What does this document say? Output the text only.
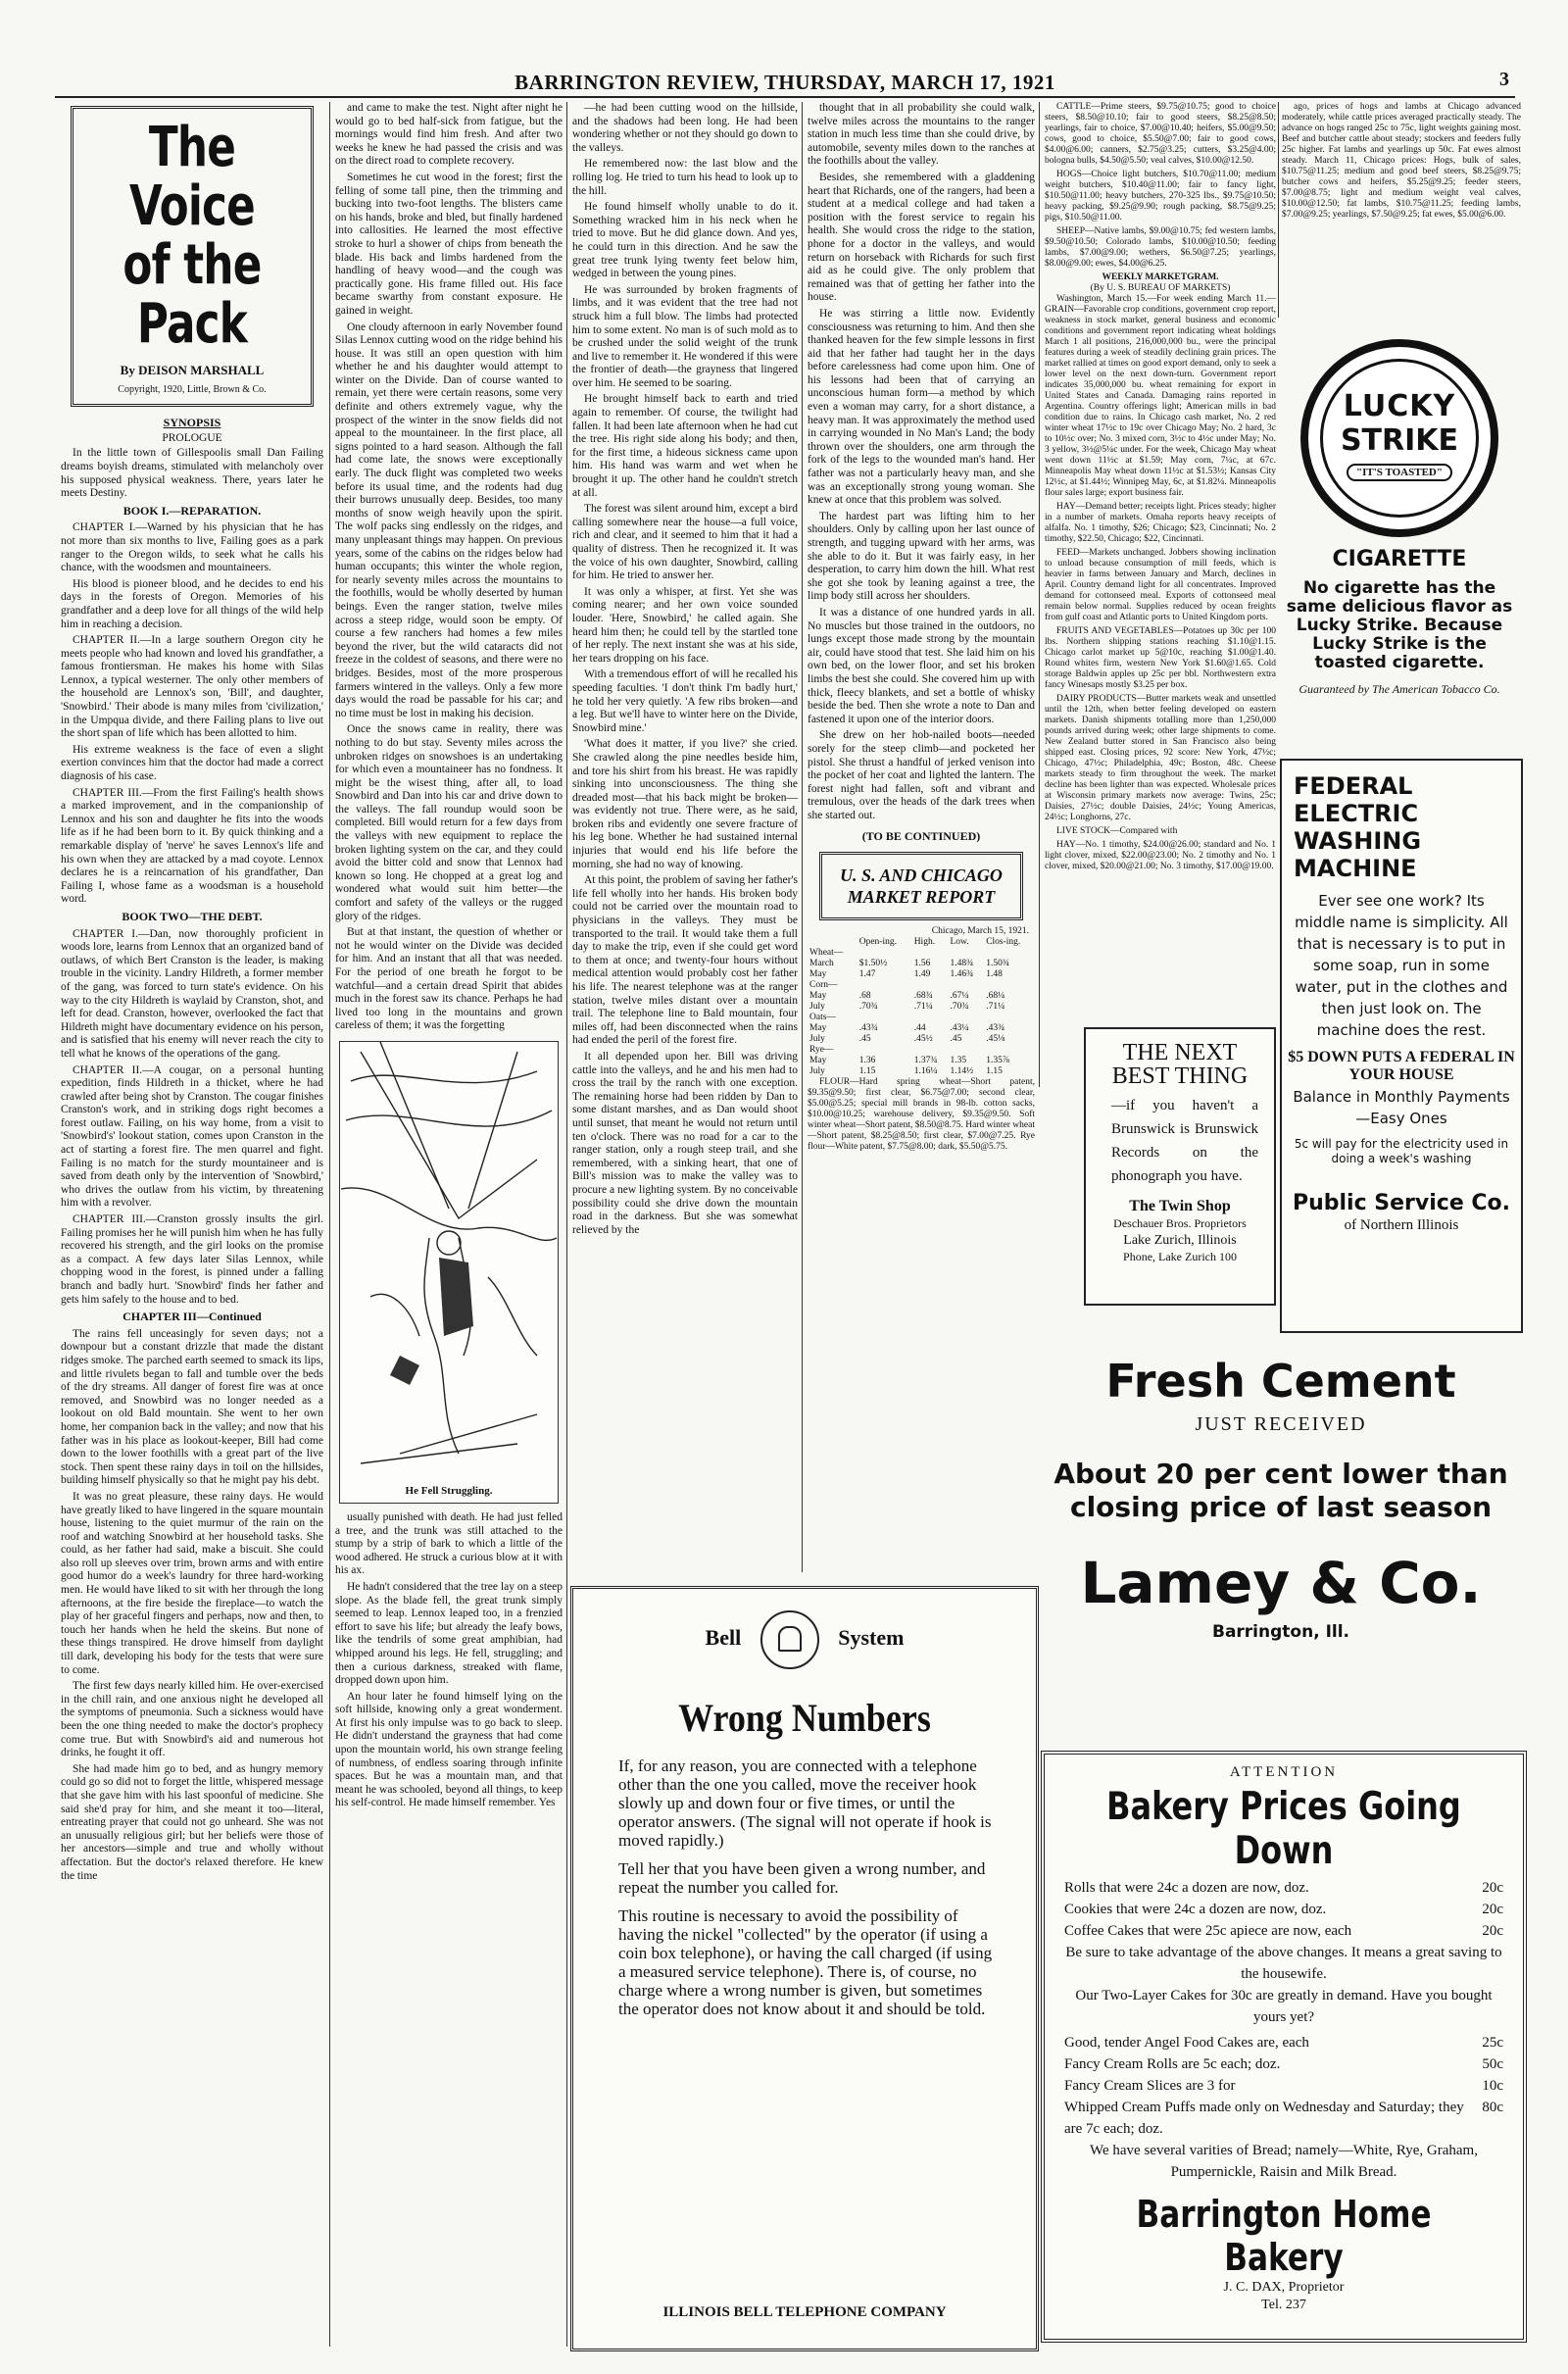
BARRINGTON REVIEW, THURSDAY, MARCH 17, 1921	3
The Voice
of the Pack
By DEISON MARSHALL
Copyright, 1920, Little, Brown & Co.
SYNOPSIS
PROLOGUE

In the little town of Gillespoolis small Dan Failing dreams boyish dreams, stimulated with melancholy over his supposed physical weakness. There, years later he meets Destiny.

BOOK I.—REPARATION.

CHAPTER I.—Warned by his physician that he has not more than six months to live, Failing goes as a park ranger to the Oregon wilds, to seek what he calls his chance, with the woodsmen and mountaineers.

His blood is pioneer blood, and he decides to end his days in the forests of Oregon. Memories of his grandfather and a deep love for all things of the wild help him in reaching a decision.

CHAPTER II.—In a large southern Oregon city he meets people who had known and loved his grandfather, a famous frontiersman. He makes his home with Silas Lennox, a typical westerner. The only other members of the household are Lennox's son, 'Bill', and daughter, 'Snowbird.' Their abode is many miles from 'civilization,' in the Umpqua divide, and there Failing plans to live out the short span of life which has been allotted to him.

His extreme weakness is the face of even a slight exertion convinces him that the doctor had made a correct diagnosis of his case.

CHAPTER III.—From the first Failing's health shows a marked improvement, and in the companionship of Lennox and his son and daughter he fits into the woods life as if he had been born to it. By quick thinking and a remarkable display of 'nerve' he saves Lennox's life and his own when they are attacked by a mad coyote. Lennox declares he is a reincarnation of his grandfather, Dan Failing I, whose fame as a woodsman is a household word.

BOOK TWO—THE DEBT.

CHAPTER I.—Dan, now thoroughly proficient in woods lore, learns from Lennox that an organized band of outlaws, of which Bert Cranston is the leader, is making trouble in the vicinity. Landry Hildreth, a former member of the gang, was forced to turn state's evidence. On his way to the city Hildreth is waylaid by Cranston, shot, and left for dead. Cranston, however, overlooked the fact that Hildreth might have documentary evidence on his person, and is satisfied that his enemy will never reach the city to tell what he knows of the operations of the gang.

CHAPTER II.—A cougar, on a personal hunting expedition, finds Hildreth in a thicket, where he had crawled after being shot by Cranston. The cougar finishes Cranston's work, and in striking dogs right becomes a forest outlaw. Failing, on his way home, from a visit to 'Snowbird's' lookout station, comes upon Cranston in the act of starting a forest fire. The men quarrel and fight. Failing is no match for the sturdy mountaineer and is saved from death only by the intervention of 'Snowbird,' who drives the outlaw from his victim, by threatening him with a revolver.

CHAPTER III.—Cranston grossly insults the girl. Failing promises her he will punish him when he has fully recovered his strength, and the girl looks on the promise as a compact. A few days later Silas Lennox, while chopping wood in the forest, is pinned under a falling branch and badly hurt. 'Snowbird' finds her father and gets him safely to the house and to bed.

CHAPTER III—Continued

The rains fell unceasingly for seven days; not a downpour but a constant drizzle that made the distant ridges smoke. The parched earth seemed to smack its lips, and little rivulets began to fall and tumble over the beds of the dry streams. All danger of forest fire was at once removed, and Snowbird was no longer needed as a lookout on old Bald mountain. She went to her own home, her companion back in the valley; and now that his father was in his place as lookout-keeper, Bill had come down to the lower foothills with a great part of the live stock. Then spent these rainy days in toil on the hillsides, building himself physically so that he might pay his debt.

It was no great pleasure, these rainy days. He would have greatly liked to have lingered in the square mountain house, listening to the quiet murmur of the rain on the roof and watching Snowbird at her household tasks. She could, as her father had said, make a biscuit. She could also roll up sleeves over trim, brown arms and with entire good humor do a week's laundry for three hard-working men. He would have liked to sit with her through the long afternoons, at the fire beside the fireplace—to watch the play of her graceful fingers and perhaps, now and then, to touch her hands when he held the skeins. But none of these things transpired. He drove himself from daylight till dark, developing his body for the tests that were sure to come.

The first few days nearly killed him. He over-exercised in the chill rain, and one anxious night he developed all the symptoms of pneumonia. Such a sickness would have been the one thing needed to make the doctor's prophecy come true. But with Snowbird's aid and numerous hot drinks, he fought it off.

She had made him go to bed, and as hungry memory could go so did not to forget the little, whispered message that she gave him with his last spoonful of medicine. She said she'd pray for him, and she meant it too—literal, entreating prayer that could not go unheard. She was not an unusually religious girl; but her beliefs were those of her ancestors—simple and true and wholly without affectation. But the doctor's relaxed therefore. He knew the time

and came to make the test. Night after night he would go to bed half-sick from fatigue, but the mornings would find him fresh. And after two weeks he knew he had passed the crisis and was on the direct road to complete recovery.

Sometimes he cut wood in the forest; first the felling of some tall pine, then the trimming and bucking into two-foot lengths. The blisters came on his hands, broke and bled, but finally hardened into callosities. He learned the most effective stroke to hurl a shower of chips from beneath the blade. His back and limbs hardened from the handling of heavy wood—and the cough was practically gone. His frame filled out. His face became swarthy from constant exposure. He gained in weight.

One cloudy afternoon in early November found Silas Lennox cutting wood on the ridge behind his house. It was still an open question with him whether he and his daughter would attempt to winter on the Divide. Dan of course wanted to remain, yet there were certain reasons, some very definite and others extremely vague, why the prospect of the winter in the snow fields did not appeal to the mountaineer. In the first place, all signs pointed to a hard season. Although the fall had come late, the snows were exceptionally early. The duck flight was completed two weeks before its usual time, and the rodents had dug their burrows unusually deep. Besides, too many months of snow weigh heavily upon the spirit. The wolf packs sing endlessly on the ridges, and many unpleasant things may happen. On previous years, some of the cabins on the ridges below had human occupants; this winter the whole region, for nearly seventy miles across the mountains to the foothills, would be wholly deserted by human beings. Even the ranger station, twelve miles across a steep ridge, would soon be empty. Of course a few ranchers had homes a few miles beyond the river, but the wild cataracts did not freeze in the coldest of seasons, and there were no bridges. Besides, most of the more prosperous farmers wintered in the valleys. Only a few more days would the road be passable for his car; and no time must be lost in making his decision.

Once the snows came in reality, there was nothing to do but stay. Seventy miles across the unbroken ridges on snowshoes is an undertaking for which even a mountaineer has no fondness. It might be the wisest thing, after all, to load Snowbird and Dan into his car and drive down to the valleys. The fall roundup would soon be completed. Bill would return for a few days from the valleys with new equipment to replace the broken lighting system on the car, and they could avoid the bitter cold and snow that Lennox had known so long. He chopped at a great log and wondered what would suit him better—the comfort and safety of the valleys or the rugged glory of the ridges.

But at that instant, the question of whether or not he would winter on the Divide was decided for him. And an instant that all that was needed. For the period of one breath he forgot to be watchful—and a certain dread Spirit that abides much in the forest saw its chance. Perhaps he had lived too long in the mountains and grown careless of them; it was the forgetting

He Fell Struggling.

usually punished with death. He had just felled a tree, and the trunk was still attached to the stump by a strip of bark to which a little of the wood adhered. He struck a curious blow at it with his ax.

He hadn't considered that the tree lay on a steep slope. As the blade fell, the great trunk simply seemed to leap. Lennox leaped too, in a frenzied effort to save his life; but already the leafy bows, like the tendrils of some great amphibian, had whipped around his legs. He fell, struggling; and then a curious darkness, streaked with flame, dropped down upon him.

An hour later he found himself lying on the soft hillside, knowing only a great wonderment. At first his only impulse was to go back to sleep. He didn't understand the grayness that had come upon the mountain world, his own strange feeling of numbness, of endless soaring through infinite spaces. But he was a mountain man, and that meant he was schooled, beyond all things, to keep his self-control. He made himself remember. Yes

—he had been cutting wood on the hillside, and the shadows had been long. He had been wondering whether or not they should go down to the valleys.

He remembered now: the last blow and the rolling log. He tried to turn his head to look up to the hill.

He found himself wholly unable to do it. Something wracked him in his neck when he tried to move. But he did glance down. And yes, he could turn in this direction. And he saw the great tree trunk lying twenty feet below him, wedged in between the young pines.

He was surrounded by broken fragments of limbs, and it was evident that the tree had not struck him a full blow. The limbs had protected him to some extent. No man is of such mold as to be crushed under the solid weight of the trunk and live to remember it. He wondered if this were the frontier of death—the grayness that lingered over him. He seemed to be soaring.

He brought himself back to earth and tried again to remember. Of course, the twilight had fallen. It had been late afternoon when he had cut the tree. His right side along his body; and then, for the first time, a hideous sickness came upon him. His hand was warm and wet when he brought it up. The other hand he couldn't stretch at all.

The forest was silent around him, except a bird calling somewhere near the house—a full voice, rich and clear, and it seemed to him that it had a quality of distress. Then he recognized it. It was the voice of his own daughter, Snowbird, calling for him. He tried to answer her.

It was only a whisper, at first. Yet she was coming nearer; and her own voice sounded louder. 'Here, Snowbird,' he called again. She heard him then; he could tell by the startled tone of her reply. The next instant she was at his side, her tears dropping on his face.

With a tremendous effort of will he recalled his speeding faculties. 'I don't think I'm badly hurt,' he told her very quietly. 'A few ribs broken—and a leg. But we'll have to winter here on the Divide, Snowbird mine.'

'What does it matter, if you live?' she cried. She crawled along the pine needles beside him, and tore his shirt from his breast. He was rapidly sinking into unconsciousness. The thing she dreaded most—that his back might be broken—was evidently not true. There were, as he said, broken ribs and evidently one severe fracture of his leg bone. Whether he had sustained internal injuries that would end his life before the morning, she had no way of knowing.

At this point, the problem of saving her father's life fell wholly into her hands. His broken body could not be carried over the mountain road to physicians in the valleys. They must be transported to the trail. It would take them a full day to make the trip, even if she could get word to them at once; and twenty-four hours without medical attention would probably cost her father his life. The nearest telephone was at the ranger station, twelve miles distant over a mountain trail. The telephone line to Bald mountain, four miles off, had been disconnected when the rains had ended the peril of the forest fire.

It all depended upon her. Bill was driving cattle into the valleys, and he and his men had to cross the trail by the ranch with one exception. The remaining horse had been ridden by Dan to some distant marshes, and as Dan would shoot until sunset, that meant he would not return until ten o'clock. There was no road for a car to the ranger station, only a rough steep trail, and she remembered, with a sinking heart, that one of Bill's mission was to make the valley was to procure a new lighting system. By no conceivable possibility could she drive down the mountain road in the darkness. But she was somewhat relieved by the

thought that in all probability she could walk, twelve miles across the mountains to the ranger station in much less time than she could drive, by automobile, seventy miles down to the ranches at the foothills about the valley.

Besides, she remembered with a gladdening heart that Richards, one of the rangers, had been a student at a medical college and had taken a position with the forest service to regain his health. She would cross the ridge to the station, phone for a doctor in the valleys, and would return on horseback with Richards for such first aid as he could give. The only problem that remained was that of getting her father into the house.

He was stirring a little now. Evidently consciousness was returning to him. And then she thanked heaven for the few simple lessons in first aid that her father had taught her in the days before carelessness had come upon him. One of his lessons had been that of carrying an unconscious human form—a method by which even a woman may carry, for a short distance, a heavy man. It was approximately the method used in carrying wounded in No Man's Land; the body thrown over the shoulders, one arm through the fork of the legs to the wounded man's hand. Her father was not a particularly heavy man, and she was an exceptionally strong young woman. She knew at once that this problem was solved.

The hardest part was lifting him to her shoulders. Only by calling upon her last ounce of strength, and tugging upward with her arms, was she able to do it. But it was fairly easy, in her desperation, to carry him down the hill. What rest she got she took by leaning against a tree, the limp body still across her shoulders.

It was a distance of one hundred yards in all. No muscles but those trained in the outdoors, no lungs except those made strong by the mountain air, could have stood that test. She laid him on his own bed, on the lower floor, and set his broken limbs the best she could. She covered him up with thick, fleecy blankets, and set a bottle of whisky beside the bed. Then she wrote a note to Dan and fastened it upon one of the interior doors.

She drew on her hob-nailed boots—needed sorely for the steep climb—and pocketed her pistol. She thrust a handful of jerked venison into the pocket of her coat and lighted the lantern. The forest night had fallen, soft and vibrant and tremulous, over the heads of the dark trees when she started out.

(TO BE CONTINUED)
U. S. AND CHICAGO MARKET REPORT
Chicago, March 15, 1921.
	Open-ing.	High.	Low.	Clos-ing.
Wheat—				
March	$1.50½	1.56	1.48¾	1.50¾
May	1.47	1.49	1.46¾	1.48
Corn—				
May	.68	.68¾	.67¼	.68¼
July	.70¾	.71¼	.70¾	.71¼
Oats—				
May	.43¾	.44	.43¼	.43¾
July	.45	.45½	.45	.45⅛
Rye—				
May	1.36	1.37¾	1.35	1.35⅞
July	1.15	1.16¼	1.14½	1.15

FLOUR—Hard spring wheat—Short patent, $9.35@9.50; first clear, $6.75@7.00; second clear, $5.00@5.25; special mill brands in 98-lb. cotton sacks, $10.00@10.25; warehouse delivery, $9.35@9.50. Soft winter wheat—Short patent, $8.50@8.75. Hard winter wheat—Short patent, $8.25@8.50; first clear, $7.00@7.25. Rye flour—White patent, $7.75@8.00; dark, $5.50@5.75.

CATTLE—Prime steers, $9.75@10.75; good to choice steers, $8.50@10.10; fair to good steers, $8.25@8.50; yearlings, fair to choice, $7.00@10.40; heifers, $5.00@9.50; cows, good to choice, $5.50@7.00; fair to good cows, $4.00@6.00; canners, $2.75@3.25; cutters, $3.25@4.00; bologna bulls, $4.50@5.50; veal calves, $10.00@12.50.

HOGS—Choice light butchers, $10.70@11.00; medium weight butchers, $10.40@11.00; fair to fancy light, $10.50@11.00; heavy butchers, 270-325 lbs., $9.75@10.50; heavy packing, $9.25@9.90; rough packing, $8.75@9.25; pigs, $10.50@11.00.

SHEEP—Native lambs, $9.00@10.75; fed western lambs, $9.50@10.50; Colorado lambs, $10.00@10.50; feeding lambs, $7.00@9.00; wethers, $6.50@7.25; yearlings, $8.00@9.00; ewes, $4.00@6.25.

WEEKLY MARKETGRAM.
(By U. S. BUREAU OF MARKETS)

Washington, March 15.—For week ending March 11.—GRAIN—Favorable crop conditions, government crop report, weakness in stock market, general business and economic conditions and government report indicating wheat holdings March 1 all positions, 216,000,000 bu., were the principal features during a week of steadily declining grain prices. The market rallied at times on good export demand, only to seek a lower level on the next down-turn. Government report indicates 35,000,000 bu. wheat remaining for export in United States and Canada. Damaging rains reported in Argentina. Country offerings light; American mills in bad condition due to rains. In Chicago cash market, No. 2 red winter wheat 17½c to 19c over Chicago May; No. 2 hard, 3c to 10½c over; No. 3 mixed corn, 3½c to 4½c under May; No. 3 yellow, 3½@5¼c under. For the week, Chicago May wheat went down 11½c at $1.59; May corn, 7¼c, at 67c. Minneapolis May wheat down 11½c at $1.53½; Kansas City 12½c, at $1.44½; Winnipeg May, 6c, at $1.82¼. Minneapolis flour sales large; export business fair.

HAY—Demand better; receipts light. Prices steady; higher in a number of markets. Omaha reports heavy receipts of alfalfa. No. 1 timothy, $26; Chicago; $23, Cincinnati; No. 2 timothy, $22.50, Chicago; $22, Cincinnati.

FEED—Markets unchanged. Jobbers showing inclination to unload because consumption of mill feeds, which is heavier in farms between January and March, declines in April. Country demand light for all concentrates. Improved demand for cottonseed meal. Exports of cottonseed meal remain below normal. Supplies reduced by ocean freights from gulf coast and Atlantic ports to United Kingdom ports.

FRUITS AND VEGETABLES—Potatoes up 30c per 100 lbs. Northern shipping stations reaching $1.10@1.15. Chicago carlot market up 5@10c, reaching $1.00@1.40. Round whites firm, western New York $1.60@1.65. Cold storage Baldwin apples up 25c per bbl. Northwestern extra fancy Winesaps mostly $3.25 per box.

DAIRY PRODUCTS—Butter markets weak and unsettled until the 12th, when better feeling developed on eastern markets. Danish shipments totalling more than 1,250,000 pounds arrived during week; other large shipments to come. New Zealand butter stored in San Francisco also being shipped east. Closing prices, 92 score: New York, 47½c; Chicago, 47½c; Philadelphia, 49c; Boston, 48c. Cheese markets steady to firm throughout the week. The market decline has been lighter than was expected. Wholesale prices at Wisconsin primary markets now average: Twins, 25c; Daisies, 27½c; double Daisies, 24½c; Young Americas, 24½c; Longhorns, 27c.

LIVE STOCK—Compared with

HAY—No. 1 timothy, $24.00@26.00; standard and No. 1 light clover, mixed, $22.00@23.00; No. 2 timothy and No. 1 clover, mixed, $20.00@21.00; No. 3 timothy, $17.00@19.00.

ago, prices of hogs and lambs at Chicago advanced moderately, while cattle prices averaged practically steady. The advance on hogs ranged 25c to 75c, light weights gaining most. Beef and butcher cattle about steady; stockers and feeders fully 25c higher. Fat lambs and yearlings up 50c. Fat ewes almost steady. March 11, Chicago prices: Hogs, bulk of sales, $10.75@11.25; medium and good beef steers, $8.25@9.75; butcher cows and heifers, $5.25@9.25; feeder steers, $7.00@8.75; light and medium weight veal calves, $10.00@12.50; fat lambs, $10.75@11.25; feeding lambs, $7.00@9.25; yearlings, $7.50@9.25; fat ewes, $5.00@6.00.

LUCKY
STRIKE
"IT'S TOASTED"
CIGARETTE
No cigarette has the same delicious flavor as Lucky Strike. Because Lucky Strike is the toasted cigarette.
Guaranteed by The American Tobacco Co.
FEDERAL ELECTRIC WASHING MACHINE
Ever see one work? Its middle name is simplicity. All that is necessary is to put in some soap, run in some water, put in the clothes and then just look on. The machine does the rest.
$5 DOWN PUTS A FEDERAL IN YOUR HOUSE
Balance in Monthly Payments—Easy Ones
5c will pay for the electricity used in doing a week's washing
Public Service Co.
of Northern Illinois
THE NEXT BEST THING
—if you haven't a Brunswick is Brunswick Records on the phonograph you have.
The Twin Shop
Deschauer Bros. Proprietors
Lake Zurich, Illinois
Phone, Lake Zurich 100
Bell	System
Wrong Numbers

If, for any reason, you are connected with a telephone other than the one you called, move the receiver hook slowly up and down four or five times, or until the operator answers. (The signal will not operate if hook is moved rapidly.)

Tell her that you have been given a wrong number, and repeat the number you called for.

This routine is necessary to avoid the possibility of having the nickel "collected" by the operator (if using a coin box telephone), or having the call charged (if using a measured service telephone). There is, of course, no charge where a wrong number is given, but sometimes the operator does not know about it and should be told.

ILLINOIS BELL TELEPHONE COMPANY
Fresh Cement
JUST RECEIVED
About 20 per cent lower than closing price of last season
Lamey & Co.
Barrington, Ill.
ATTENTION
Bakery Prices Going Down
Rolls that were 24c a dozen are now, doz.	20c
Cookies that were 24c a dozen are now, doz.	20c
Coffee Cakes that were 25c apiece are now, each	20c
Be sure to take advantage of the above changes. It means a great saving to the housewife.
Our Two-Layer Cakes for 30c are greatly in demand. Have you bought yours yet?
Good, tender Angel Food Cakes are, each	25c
Fancy Cream Rolls are 5c each; doz.	50c
Fancy Cream Slices are 3 for	10c
Whipped Cream Puffs made only on Wednesday and Saturday; they are 7c each; doz.
80c
We have several varities of Bread; namely—White, Rye, Graham, Pumpernickle, Raisin and Milk Bread.
Barrington Home Bakery
J. C. DAX, Proprietor
Tel. 237
